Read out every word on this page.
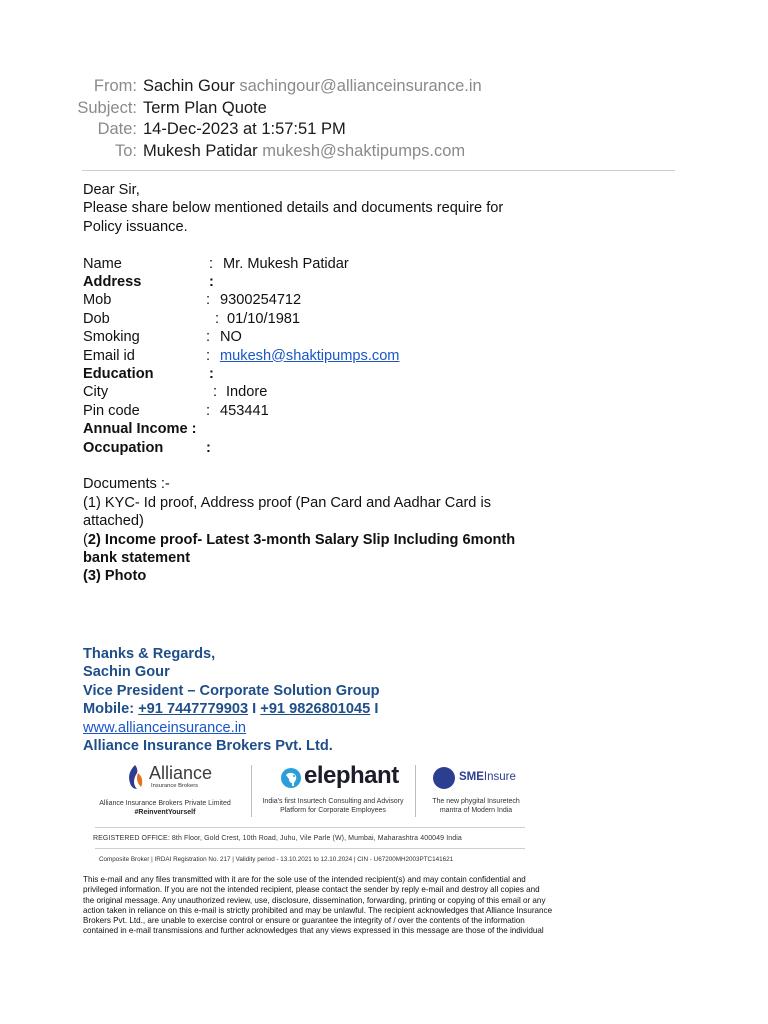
From: Sachin Gour sachingour@allianceinsurance.in
Subject: Term Plan Quote
Date: 14-Dec-2023 at 1:57:51 PM
To: Mukesh Patidar mukesh@shaktipumps.com

Dear Sir,

Please share below mentioned details and documents require for

Policy issuance.

Name	: Mr. Mukesh Patidar
Address	:
Mob	: 9300254712
Dob	: 01/10/1981
Smoking	: NO
Email id	: mukesh@shaktipumps.com
Education	:
City	: Indore
Pin code	: 453441
Annual Income :
Occupation	:

Documents :-

(1) KYC- Id proof, Address proof (Pan Card and Aadhar Card is

attached)

(2) Income proof- Latest 3-month Salary Slip Including 6month

bank statement

(3) Photo

Thanks & Regards,
Sachin Gour
Vice President – Corporate Solution Group
Mobile: +91 7447779903 I +91 9826801045 I
www.allianceinsurance.in
Alliance Insurance Brokers Pvt. Ltd.
Alliance
Insurance Brokers
Alliance Insurance Brokers Private Limited
#ReinventYourself
elephant
India's first Insurtech Consulting and Advisory
Platform for Corporate Employees
SMEInsure
The new phygital Insuretech
mantra of Modern India
REGISTERED OFFICE: 8th Floor, Gold Crest, 10th Road, Juhu, Vile Parle (W), Mumbai, Maharashtra 400049 India
Composite Broker | IRDAI Registration No. 217 | Validity period - 13.10.2021 to 12.10.2024 | CIN - U67200MH2003PTC141621
This e-mail and any files transmitted with it are for the sole use of the intended recipient(s) and may contain confidential and privileged information. If you are not the intended recipient, please contact the sender by reply e-mail and destroy all copies and the original message. Any unauthorized review, use, disclosure, dissemination, forwarding, printing or copying of this email or any action taken in reliance on this e-mail is strictly prohibited and may be unlawful. The recipient acknowledges that Alliance Insurance Brokers Pvt. Ltd., are unable to exercise control or ensure or guarantee the integrity of / over the contents of the information contained in e-mail transmissions and further acknowledges that any views expressed in this message are those of the individual
